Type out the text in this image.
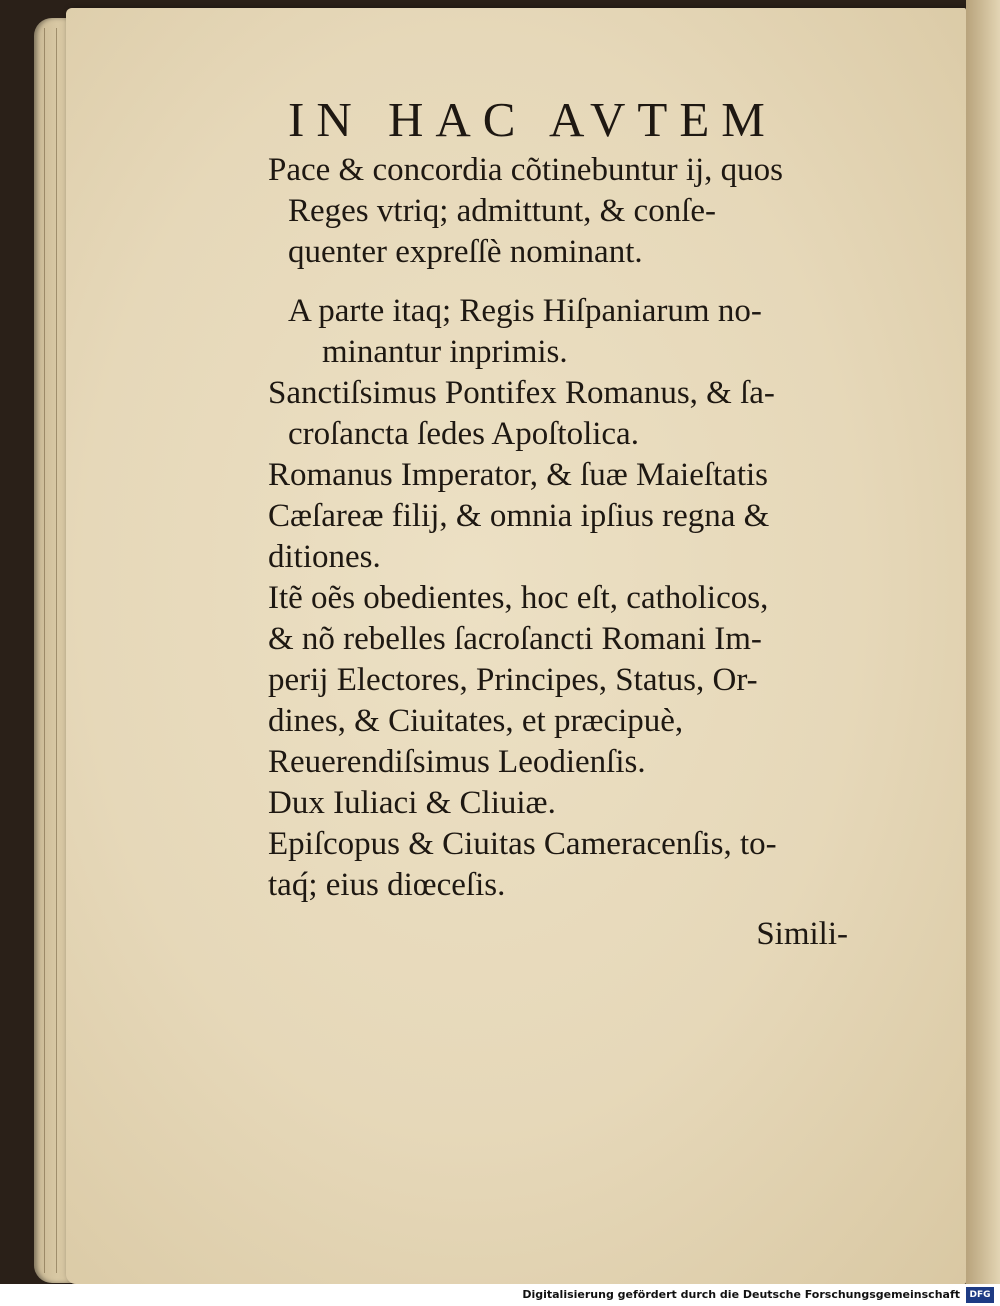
IN HAC AVTEM
Pace & concordia cõtinebuntur ij, quos
Reges vtriq; admittunt, & conſe-
quenter expreſſè nominant.
A parte itaq; Regis Hiſpaniarum no-
minantur inprimis.
Sanctiſsimus Pontifex Romanus, & ſa-
croſancta ſedes Apoſtolica.
Romanus Imperator, & ſuæ Maieſtatis
Cæſareæ filij, & omnia ipſius regna &
ditiones.
Itẽ oẽs obedientes, hoc eſt, catholicos,
& nõ rebelles ſacroſancti Romani Im-
perij Electores, Principes, Status, Or-
dines, & Ciuitates, et præcipuè,
Reuerendiſsimus Leodienſis.
Dux Iuliaci & Cliuiæ.
Epiſcopus & Ciuitas Cameracenſis, to-
taq́; eius diœceſis.
Simili-
Digitalisierung gefördert durch die Deutsche Forschungsgemeinschaft	DFG
